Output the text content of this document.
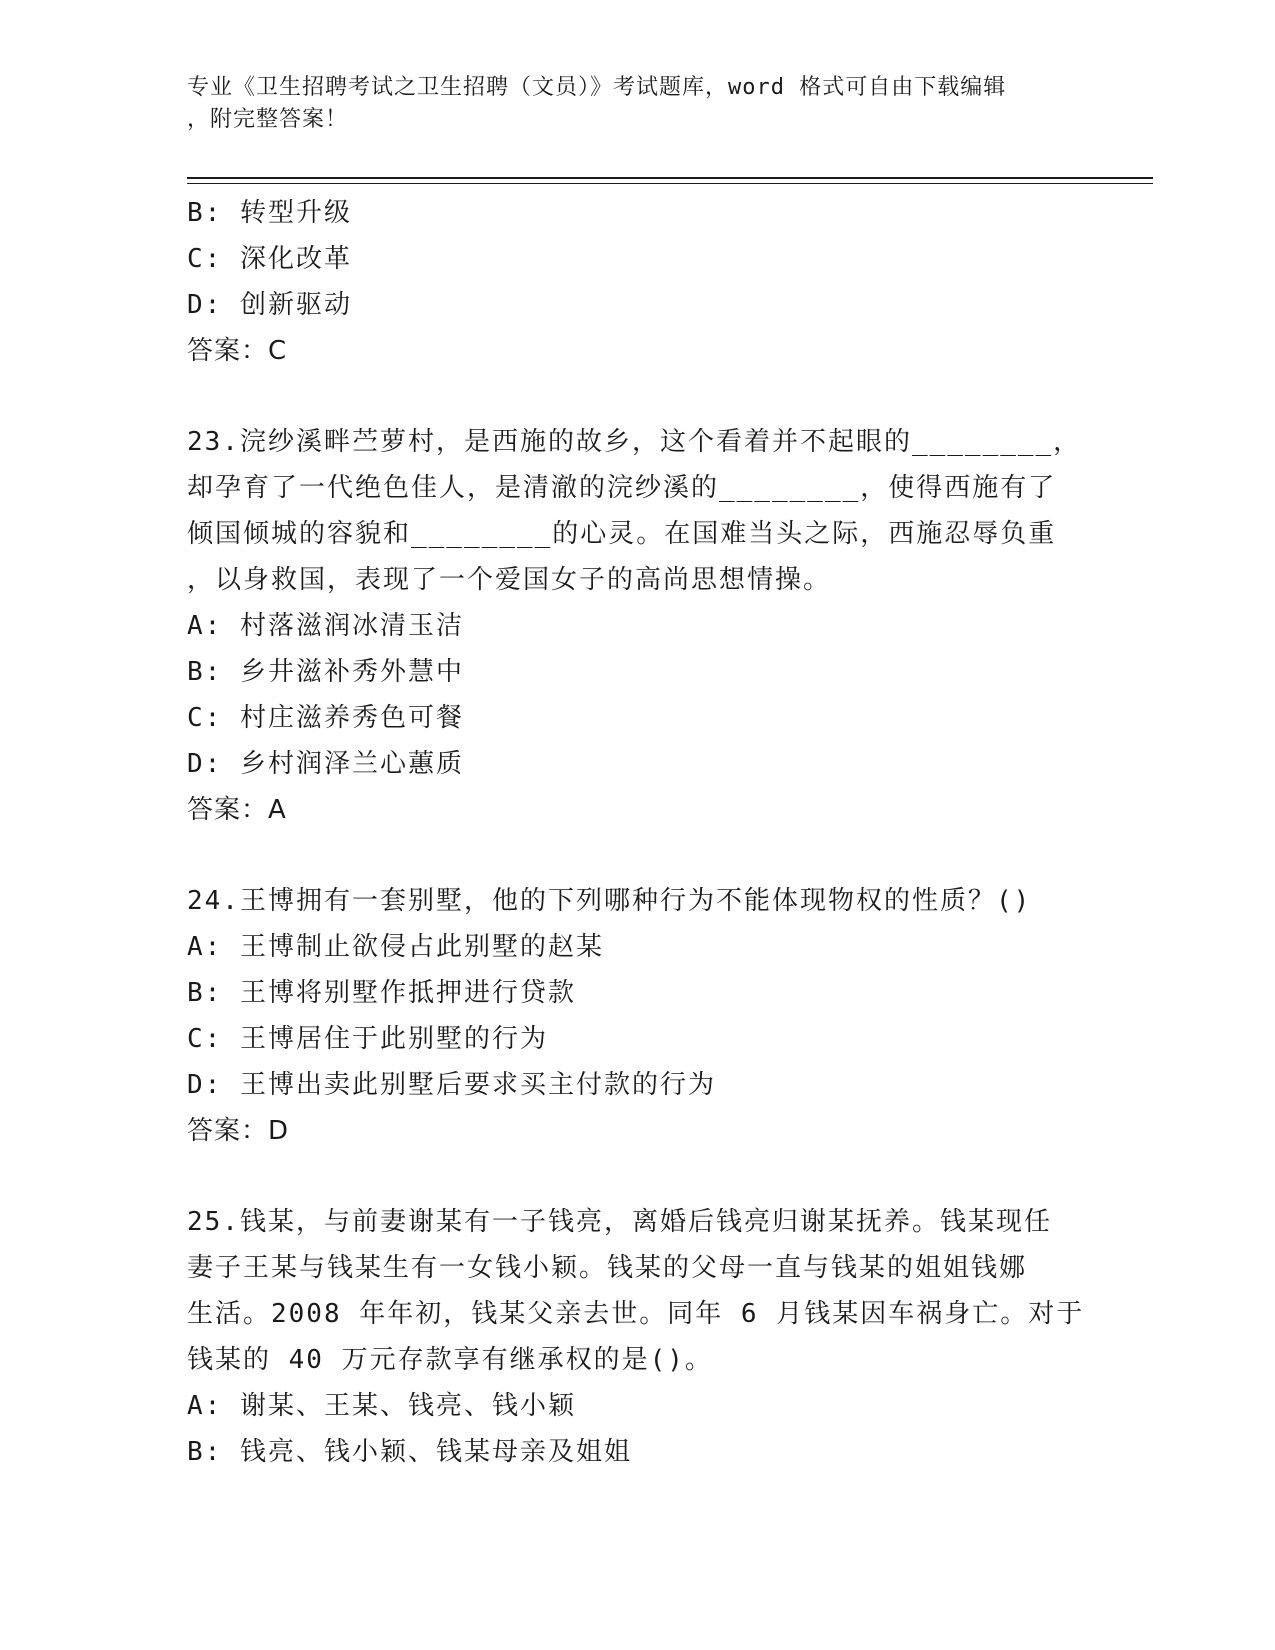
专业《卫生招聘考试之卫生招聘（文员）》考试题库，word 格式可自由下载编辑
，附完整答案！
B: 转型升级
C: 深化改革
D: 创新驱动
答案：C
23.浣纱溪畔苎萝村，是西施的故乡，这个看着并不起眼的________，
却孕育了一代绝色佳人，是清澈的浣纱溪的________，使得西施有了
倾国倾城的容貌和________的心灵。在国难当头之际，西施忍辱负重
，以身救国，表现了一个爱国女子的高尚思想情操。
A: 村落滋润冰清玉洁
B: 乡井滋补秀外慧中
C: 村庄滋养秀色可餐
D: 乡村润泽兰心蕙质
答案：A
24.王博拥有一套别墅，他的下列哪种行为不能体现物权的性质？()
A: 王博制止欲侵占此别墅的赵某
B: 王博将别墅作抵押进行贷款
C: 王博居住于此别墅的行为
D: 王博出卖此别墅后要求买主付款的行为
答案：D
25.钱某，与前妻谢某有一子钱亮，离婚后钱亮归谢某抚养。钱某现任
妻子王某与钱某生有一女钱小颖。钱某的父母一直与钱某的姐姐钱娜
生活。2008 年年初，钱某父亲去世。同年 6 月钱某因车祸身亡。对于
钱某的 40 万元存款享有继承权的是()。
A: 谢某、王某、钱亮、钱小颖
B: 钱亮、钱小颖、钱某母亲及姐姐
